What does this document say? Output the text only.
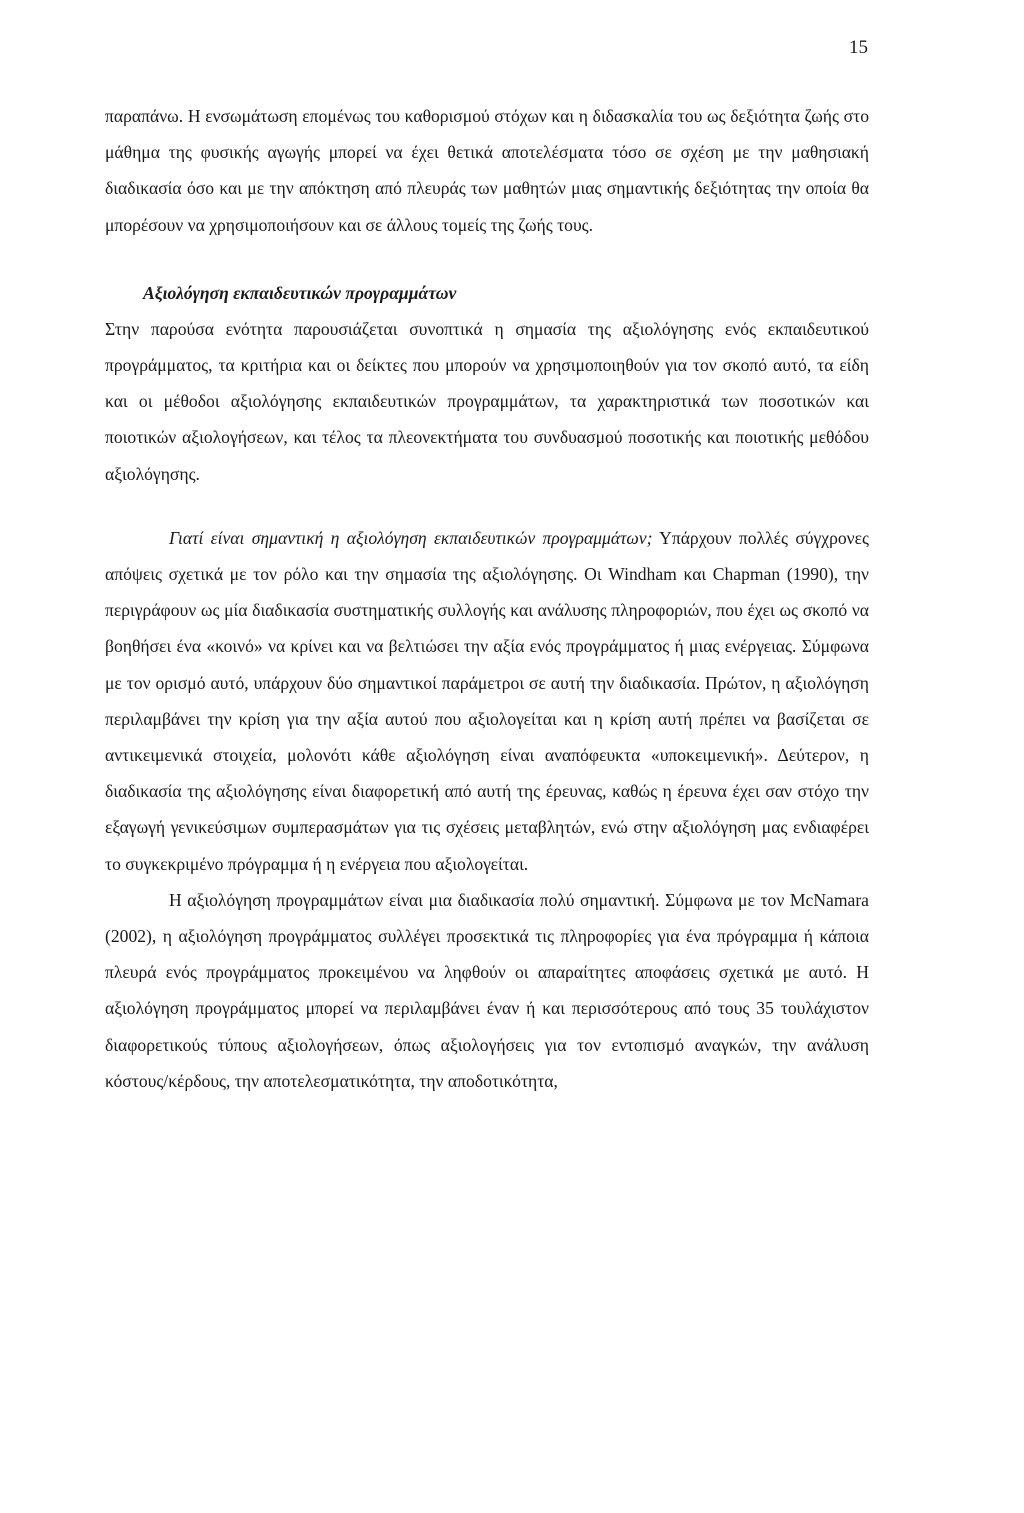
15

παραπάνω. Η ενσωμάτωση επομένως του καθορισμού στόχων και η διδασκαλία του ως δεξιότητα ζωής στο μάθημα της φυσικής αγωγής μπορεί να έχει θετικά αποτελέσματα τόσο σε σχέση με την μαθησιακή διαδικασία όσο και με την απόκτηση από πλευράς των μαθητών μιας σημαντικής δεξιότητας την οποία θα μπορέσουν να χρησιμοποιήσουν και σε άλλους τομείς της ζωής τους.

Αξιολόγηση εκπαιδευτικών προγραμμάτων

Στην παρούσα ενότητα παρουσιάζεται συνοπτικά η σημασία της αξιολόγησης ενός εκπαιδευτικού προγράμματος, τα κριτήρια και οι δείκτες που μπορούν να χρησιμοποιηθούν για τον σκοπό αυτό, τα είδη και οι μέθοδοι αξιολόγησης εκπαιδευτικών προγραμμάτων, τα χαρακτηριστικά των ποσοτικών και ποιοτικών αξιολογήσεων, και τέλος τα πλεονεκτήματα του συνδυασμού ποσοτικής και ποιοτικής μεθόδου αξιολόγησης.

Γιατί είναι σημαντική η αξιολόγηση εκπαιδευτικών προγραμμάτων; Υπάρχουν πολλές σύγχρονες απόψεις σχετικά με τον ρόλο και την σημασία της αξιολόγησης. Οι Windham και Chapman (1990), την περιγράφουν ως μία διαδικασία συστηματικής συλλογής και ανάλυσης πληροφοριών, που έχει ως σκοπό να βοηθήσει ένα «κοινό» να κρίνει και να βελτιώσει την αξία ενός προγράμματος ή μιας ενέργειας. Σύμφωνα με τον ορισμό αυτό, υπάρχουν δύο σημαντικοί παράμετροι σε αυτή την διαδικασία. Πρώτον, η αξιολόγηση περιλαμβάνει την κρίση για την αξία αυτού που αξιολογείται και η κρίση αυτή πρέπει να βασίζεται σε αντικειμενικά στοιχεία, μολονότι κάθε αξιολόγηση είναι αναπόφευκτα «υποκειμενική». Δεύτερον, η διαδικασία της αξιολόγησης είναι διαφορετική από αυτή της έρευνας, καθώς η έρευνα έχει σαν στόχο την εξαγωγή γενικεύσιμων συμπερασμάτων για τις σχέσεις μεταβλητών, ενώ στην αξιολόγηση μας ενδιαφέρει το συγκεκριμένο πρόγραμμα ή η ενέργεια που αξιολογείται.

Η αξιολόγηση προγραμμάτων είναι μια διαδικασία πολύ σημαντική. Σύμφωνα με τον McNamara (2002), η αξιολόγηση προγράμματος συλλέγει προσεκτικά τις πληροφορίες για ένα πρόγραμμα ή κάποια πλευρά ενός προγράμματος προκειμένου να ληφθούν οι απαραίτητες αποφάσεις σχετικά με αυτό. Η αξιολόγηση προγράμματος μπορεί να περιλαμβάνει έναν ή και περισσότερους από τους 35 τουλάχιστον διαφορετικούς τύπους αξιολογήσεων, όπως αξιολογήσεις για τον εντοπισμό αναγκών, την ανάλυση κόστους/κέρδους, την αποτελεσματικότητα, την αποδοτικότητα,
